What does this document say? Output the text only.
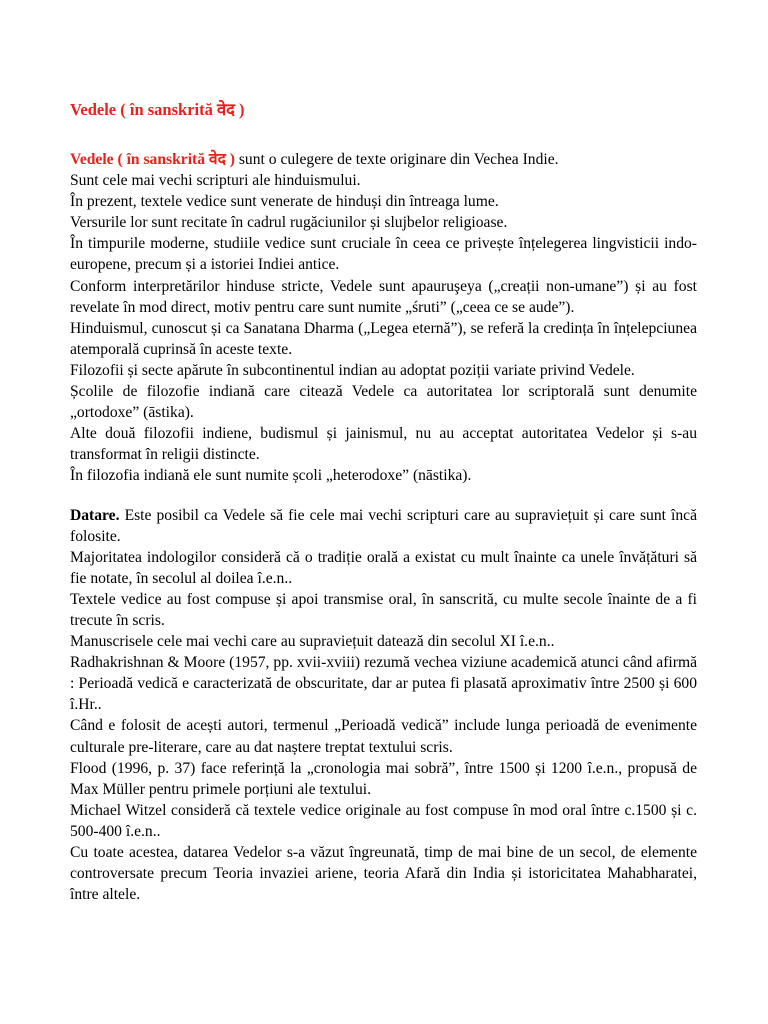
Vedele ( în sanskrită वेद )

Vedele ( în sanskrită वेद ) sunt o culegere de texte originare din Vechea Indie.

Sunt cele mai vechi scripturi ale hinduismului.

În prezent, textele vedice sunt venerate de hinduși din întreaga lume.

Versurile lor sunt recitate în cadrul rugăciunilor și slujbelor religioase.

În timpurile moderne, studiile vedice sunt cruciale în ceea ce privește înțelegerea lingvisticii indo-europene, precum și a istoriei Indiei antice.

Conform interpretărilor hinduse stricte, Vedele sunt apauruşeya („creații non-umane”) și au fost revelate în mod direct, motiv pentru care sunt numite „śruti” („ceea ce se aude”).

Hinduismul, cunoscut și ca Sanatana Dharma („Legea eternă”), se referă la credința în înțelepciunea atemporală cuprinsă în aceste texte.

Filozofii și secte apărute în subcontinentul indian au adoptat poziții variate privind Vedele.

Școlile de filozofie indiană care citează Vedele ca autoritatea lor scriptorală sunt denumite „ortodoxe” (āstika).

Alte două filozofii indiene, budismul și jainismul, nu au acceptat autoritatea Vedelor și s-au transformat în religii distincte.

În filozofia indiană ele sunt numite școli „heterodoxe” (nāstika).

Datare. Este posibil ca Vedele să fie cele mai vechi scripturi care au supraviețuit și care sunt încă folosite.

Majoritatea indologilor consideră că o tradiție orală a existat cu mult înainte ca unele învățături să fie notate, în secolul al doilea î.e.n..

Textele vedice au fost compuse și apoi transmise oral, în sanscrită, cu multe secole înainte de a fi trecute în scris.

Manuscrisele cele mai vechi care au supraviețuit datează din secolul XI î.e.n..

Radhakrishnan & Moore (1957, pp. xvii-xviii) rezumă vechea viziune academică atunci când afirmă : Perioadă vedică e caracterizată de obscuritate, dar ar putea fi plasată aproximativ între 2500 și 600 î.Hr..

Când e folosit de acești autori, termenul „Perioadă vedică” include lunga perioadă de evenimente culturale pre-literare, care au dat naștere treptat textului scris.

Flood (1996, p. 37) face referință la „cronologia mai sobră”, între 1500 și 1200 î.e.n., propusă de Max Müller pentru primele porțiuni ale textului.

Michael Witzel consideră că textele vedice originale au fost compuse în mod oral între c.1500 și c. 500-400 î.e.n..

Cu toate acestea, datarea Vedelor s-a văzut îngreunată, timp de mai bine de un secol, de elemente controversate precum Teoria invaziei ariene, teoria Afară din India și istoricitatea Mahabharatei, între altele.
